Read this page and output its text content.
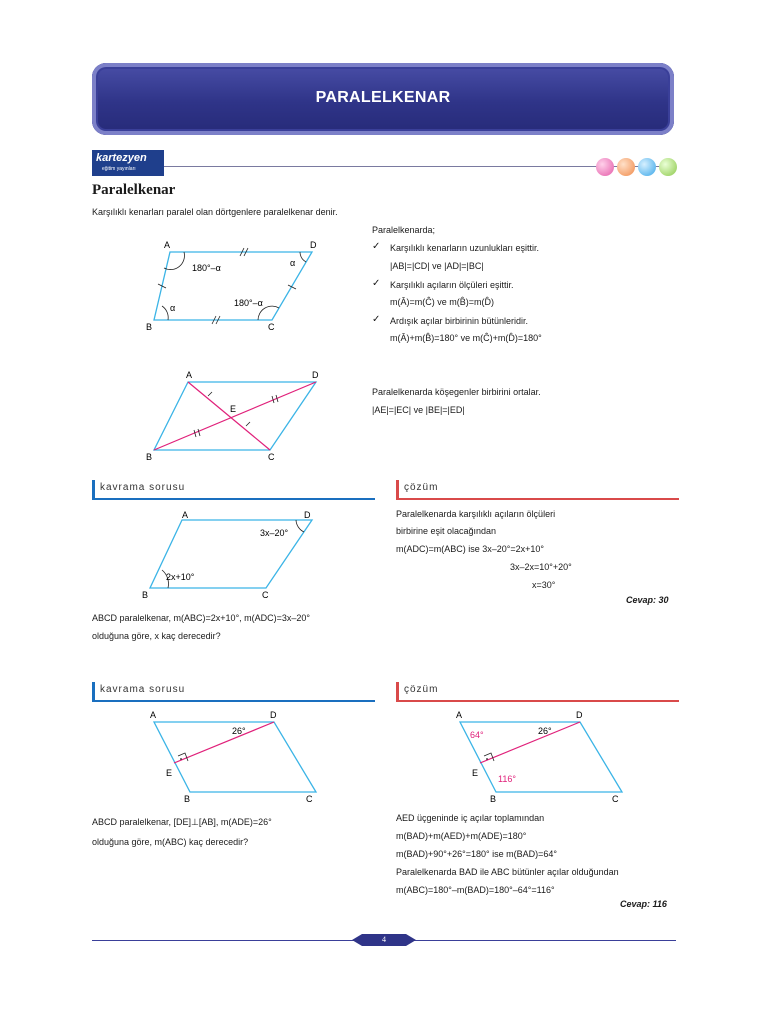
PARALELKENAR
kartezyen
eğitim yayınları
Paralelkenar
Karşılıklı kenarları paralel olan dörtgenlere paralelkenar denir.
A	D
B	C
180°–α	α
α	180°–α
Paralelkenarda;
✓ Karşılıklı kenarların uzunlukları eşittir.
|AB|=|CD| ve |AD|=|BC|
✓ Karşılıklı açıların ölçüleri eşittir.
m(Â)=m(Ĉ) ve m(B̂)=m(D̂)
✓ Ardışık açılar birbirinin bütünleridir.
m(Â)+m(B̂)=180° ve m(Ĉ)+m(D̂)=180°
A	D
B	C
E
Paralelkenarda köşegenler birbirini ortalar.
|AE|=|EC| ve |BE|=|ED|
kavrama sorusu
A	D
B	C
3x–20°
2x+10°
ABCD paralelkenar, m(ABC)=2x+10°, m(ADC)=3x–20°
olduğuna göre, x kaç derecedir?
çözüm
Paralelkenarda karşılıklı açıların ölçüleri
birbirine eşit olacağından
m(ADC)=m(ABC) ise 3x–20°=2x+10°
3x–2x=10°+20°
x=30°
Cevap: 30
kavrama sorusu
A	D
B	C
E
26°
ABCD paralelkenar, [DE]⊥[AB], m(ADE)=26°
olduğuna göre, m(ABC) kaç derecedir?
çözüm
A	D
B	C
E
26°
64°
116°
AED üçgeninde iç açılar toplamından
m(BAD)+m(AED)+m(ADE)=180°
m(BAD)+90°+26°=180° ise m(BAD)=64°
Paralelkenarda BAD ile ABC bütünler açılar olduğundan
m(ABC)=180°–m(BAD)=180°–64°=116°
Cevap: 116
4
